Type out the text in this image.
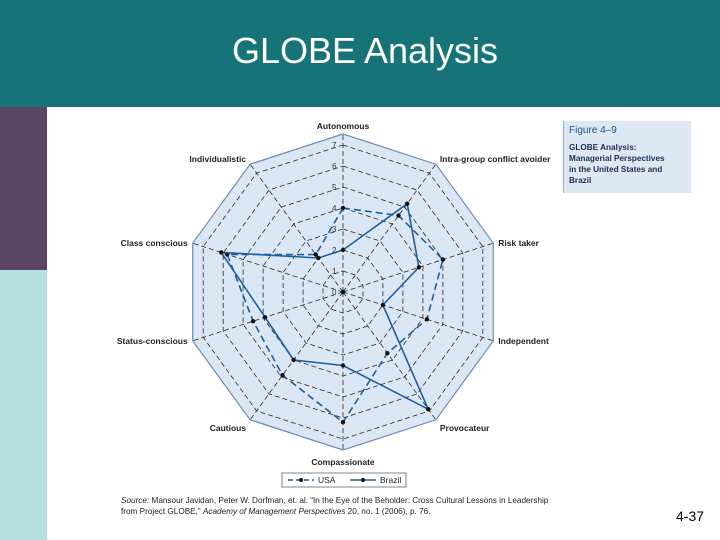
GLOBE Analysis
0
1
2
3
4
5
6
7
Autonomous
Intra-group conflict avoider
Risk taker
Independent
Provocateur
Compassionate
Cautious
Status-conscious
Class conscious
Individualistic
USA	Brazil
Figure 4–9
GLOBE Analysis:
Managerial Perspectives
in the United States and
Brazil
Source: Mansour Javidan, Peter W. Dorfman, et. al. “In the Eye of the Beholder: Cross Cultural Lessons in Leadership from Project GLOBE,” Academy of Management Perspectives 20, no. 1 (2006), p. 76.	4-37
